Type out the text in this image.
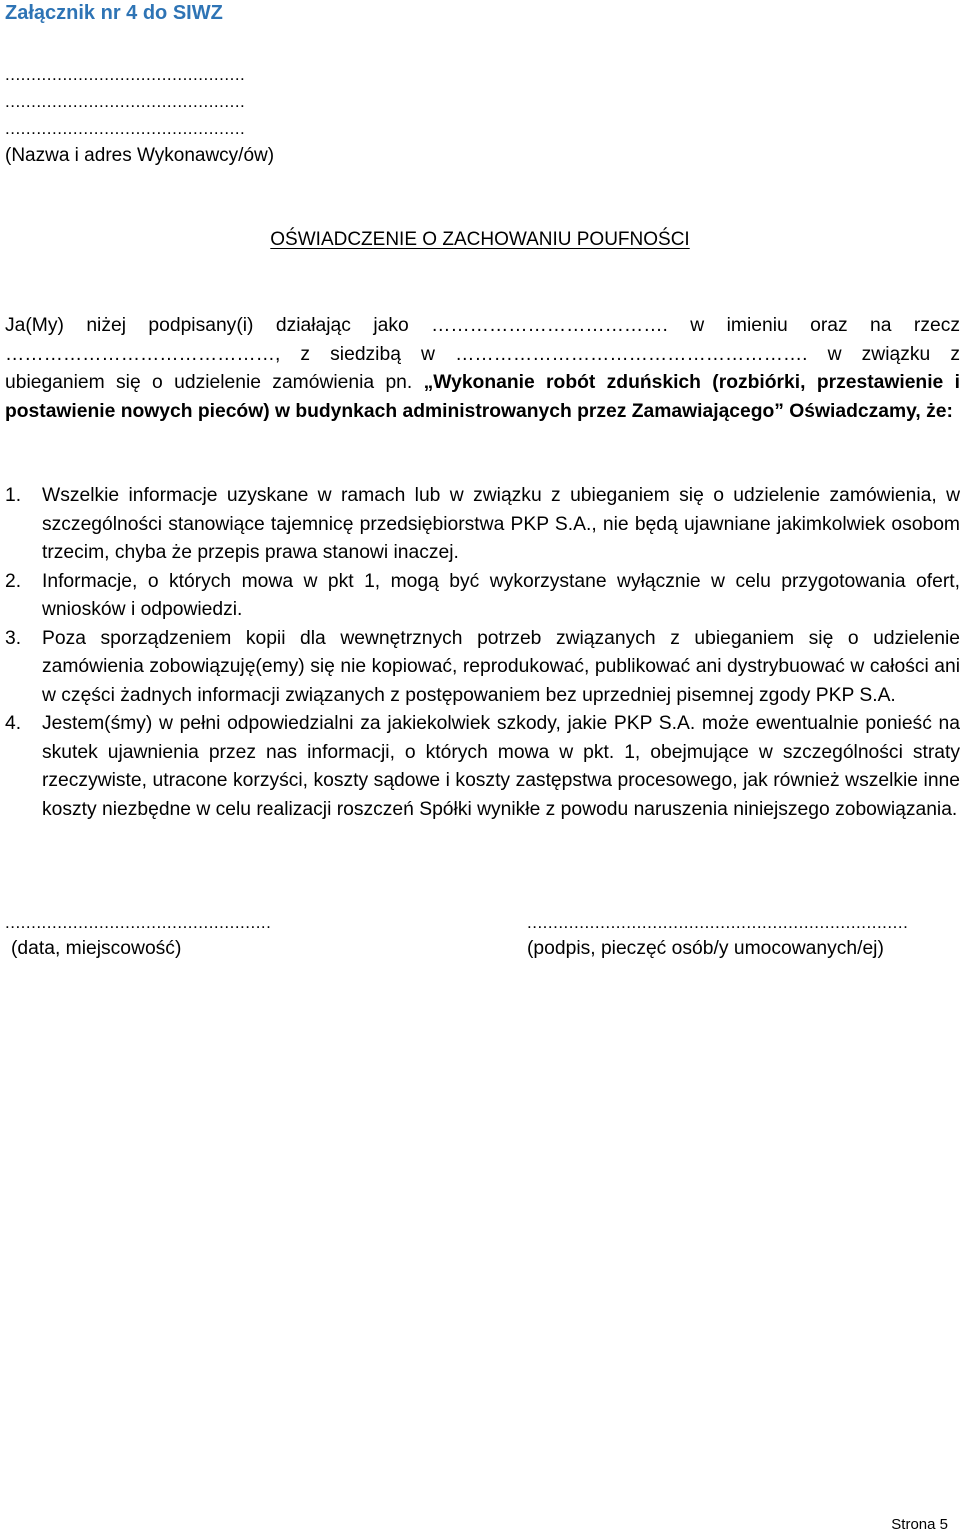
Załącznik nr 4 do SIWZ
..............................................
..............................................
..............................................
(Nazwa i adres Wykonawcy/ów)
OŚWIADCZENIE O ZACHOWANIU POUFNOŚCI

Ja(My) niżej podpisany(i) działając jako ………………………………. w imieniu oraz na rzecz ……………………………………, z siedzibą w ………………………………………………. w związku z ubieganiem się o udzielenie zamówienia pn. „Wykonanie robót zduńskich (rozbiórki, przestawienie i postawienie nowych pieców) w budynkach administrowanych przez Zamawiającego” Oświadczamy, że:

1. Wszelkie informacje uzyskane w ramach lub w związku z ubieganiem się o udzielenie zamówienia, w szczególności stanowiące tajemnicę przedsiębiorstwa PKP S.A., nie będą ujawniane jakimkolwiek osobom trzecim, chyba że przepis prawa stanowi inaczej.
2. Informacje, o których mowa w pkt 1, mogą być wykorzystane wyłącznie w celu przygotowania ofert, wniosków i odpowiedzi.
3. Poza sporządzeniem kopii dla wewnętrznych potrzeb związanych z ubieganiem się o udzielenie zamówienia zobowiązuję(emy) się nie kopiować, reprodukować, publikować ani dystrybuować w całości ani w części żadnych informacji związanych z postępowaniem bez uprzedniej pisemnej zgody PKP S.A.
4. Jestem(śmy) w pełni odpowiedzialni za jakiekolwiek szkody, jakie PKP S.A. może ewentualnie ponieść na skutek ujawnienia przez nas informacji, o których mowa w pkt. 1, obejmujące w szczególności straty rzeczywiste, utracone korzyści, koszty sądowe i koszty zastępstwa procesowego, jak również wszelkie inne koszty niezbędne w celu realizacji roszczeń Spółki wynikłe z powodu naruszenia niniejszego zobowiązania.
...................................................
(data, miejscowość)
.........................................................................
(podpis, pieczęć osób/y umocowanych/ej)
Strona 5
